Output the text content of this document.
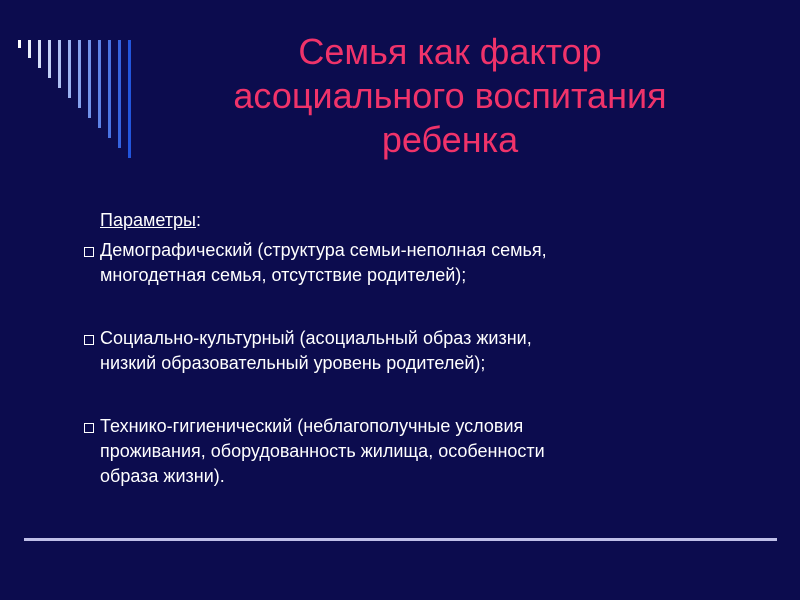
Семья как фактор
асоциального воспитания
ребенка
Параметры:
Демографический (структура семьи-неполная семья,
многодетная семья, отсутствие родителей);
Социально-культурный (асоциальный образ жизни,
низкий образовательный уровень родителей);
Технико-гигиенический (неблагополучные условия
проживания, оборудованность жилища, особенности
образа жизни).
